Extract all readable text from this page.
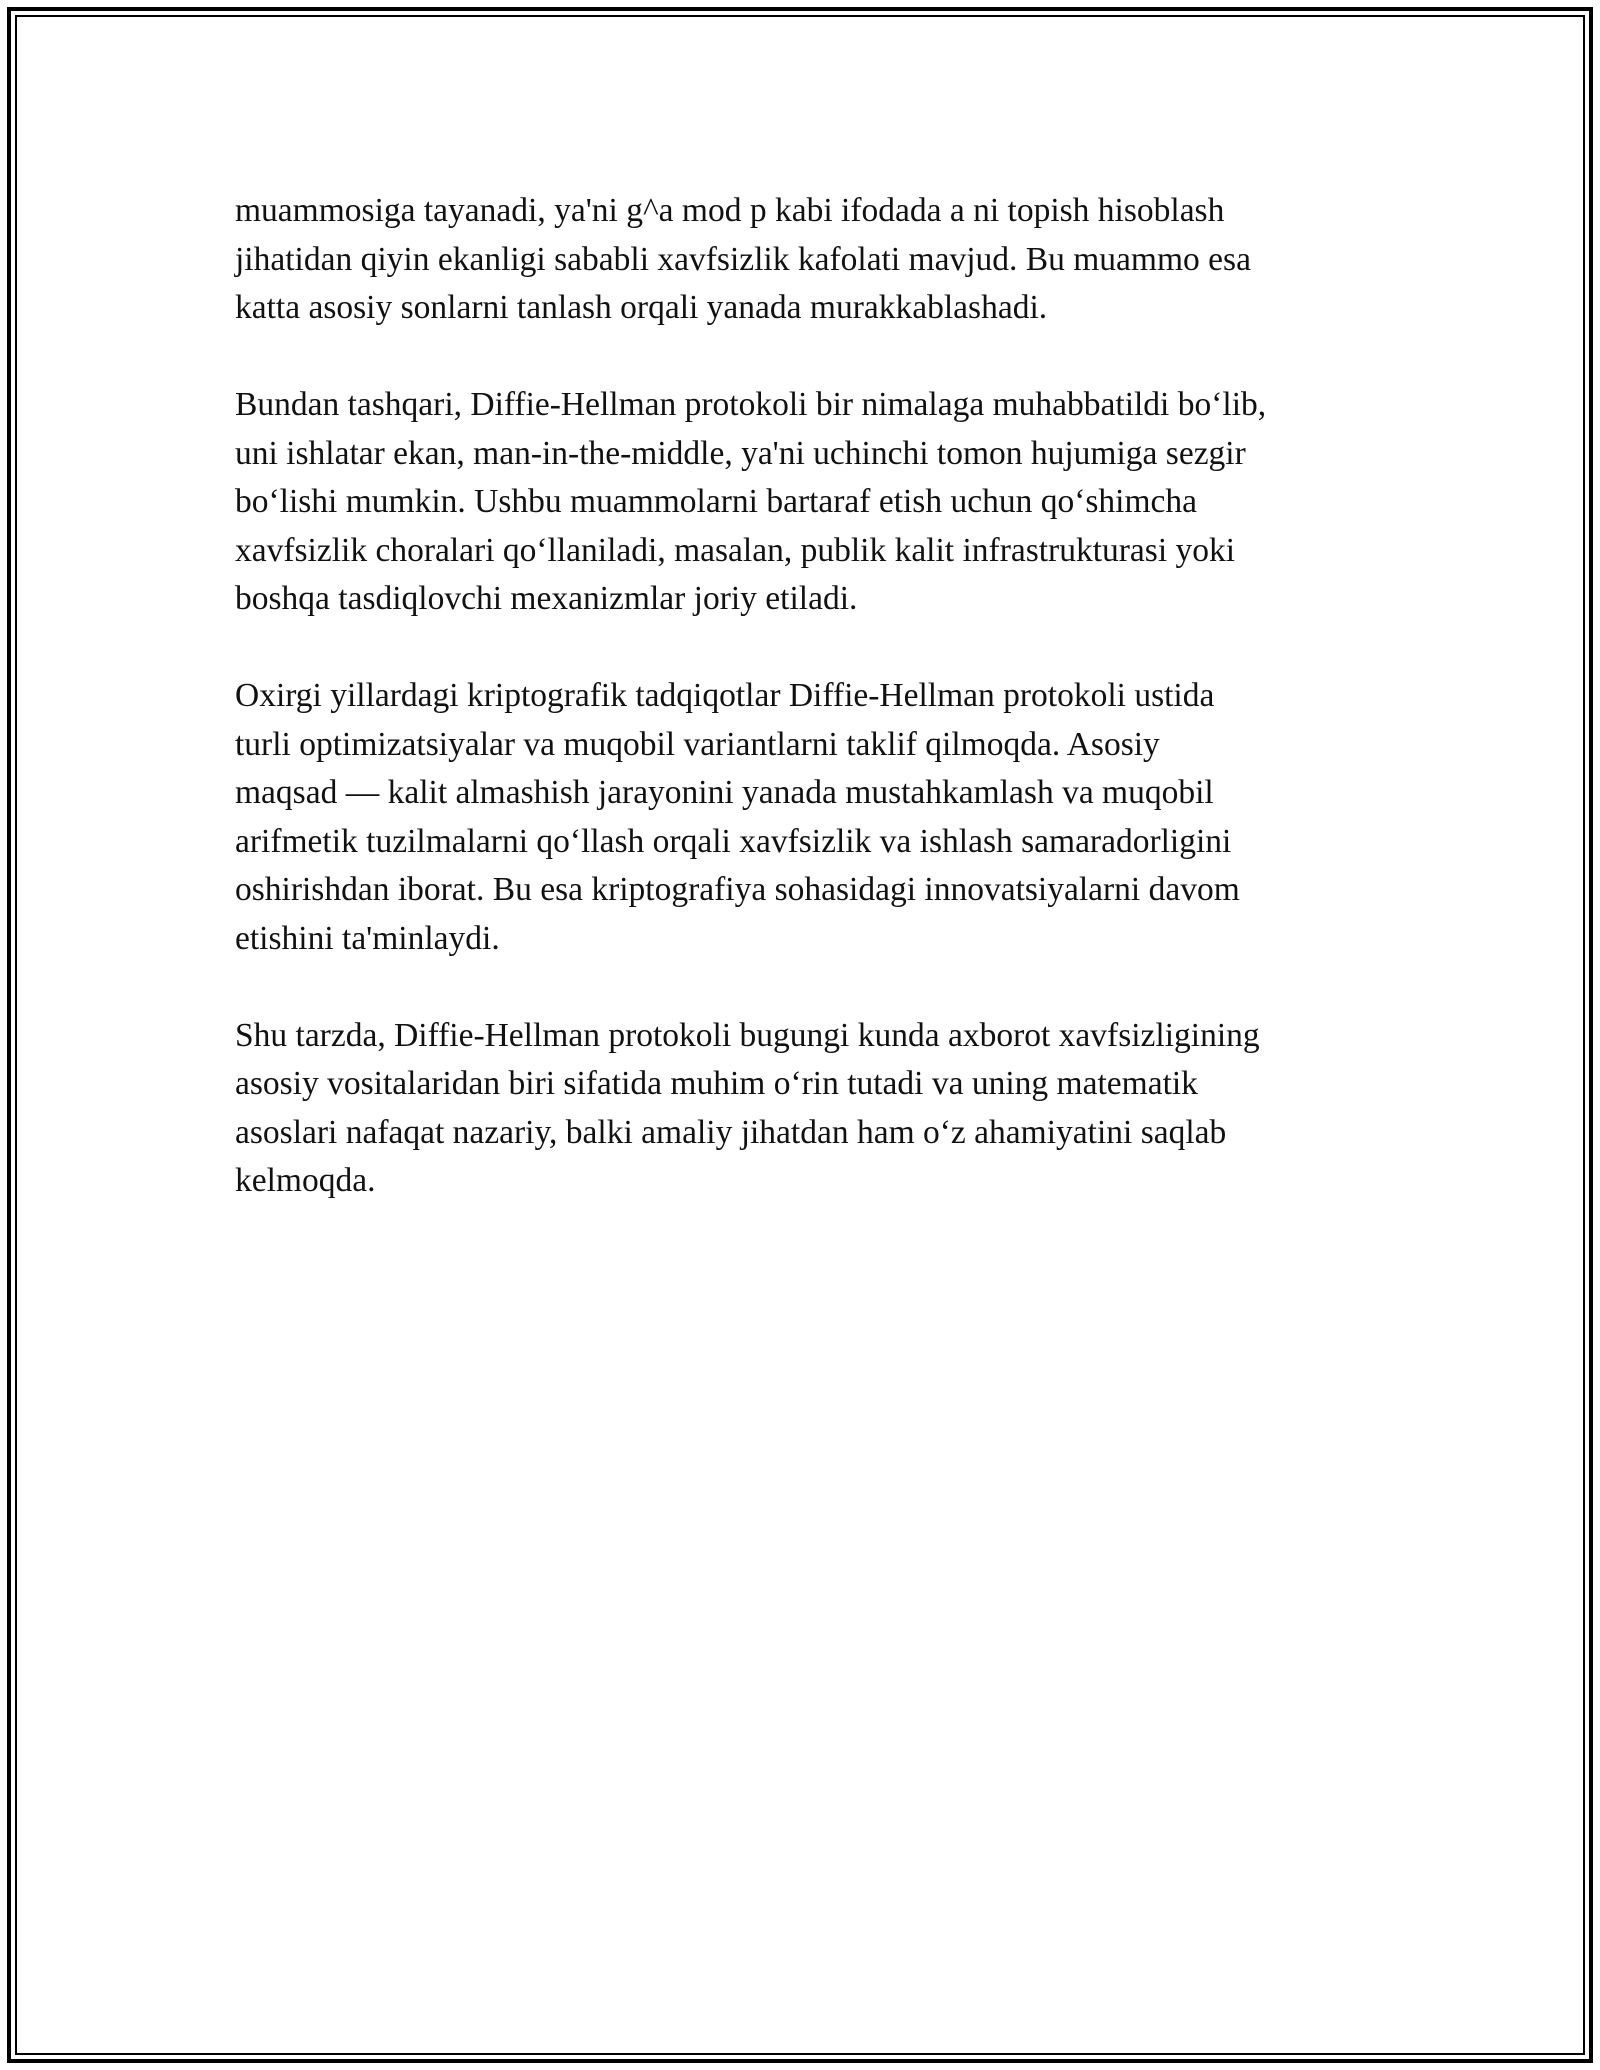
muammosiga tayanadi, ya'ni g^a mod p kabi ifodada a ni topish hisoblash
jihatidan qiyin ekanligi sababli xavfsizlik kafolati mavjud. Bu muammo esa
katta asosiy sonlarni tanlash orqali yanada murakkablashadi.

Bundan tashqari, Diffie-Hellman protokoli bir nimalaga muhabbatildi bo‘lib,
uni ishlatar ekan, man-in-the-middle, ya'ni uchinchi tomon hujumiga sezgir
bo‘lishi mumkin. Ushbu muammolarni bartaraf etish uchun qo‘shimcha
xavfsizlik choralari qo‘llaniladi, masalan, publik kalit infrastrukturasi yoki
boshqa tasdiqlovchi mexanizmlar joriy etiladi.

Oxirgi yillardagi kriptografik tadqiqotlar Diffie-Hellman protokoli ustida
turli optimizatsiyalar va muqobil variantlarni taklif qilmoqda. Asosiy
maqsad — kalit almashish jarayonini yanada mustahkamlash va muqobil
arifmetik tuzilmalarni qo‘llash orqali xavfsizlik va ishlash samaradorligini
oshirishdan iborat. Bu esa kriptografiya sohasidagi innovatsiyalarni davom
etishini ta'minlaydi.

Shu tarzda, Diffie-Hellman protokoli bugungi kunda axborot xavfsizligining
asosiy vositalaridan biri sifatida muhim o‘rin tutadi va uning matematik
asoslari nafaqat nazariy, balki amaliy jihatdan ham o‘z ahamiyatini saqlab
kelmoqda.
